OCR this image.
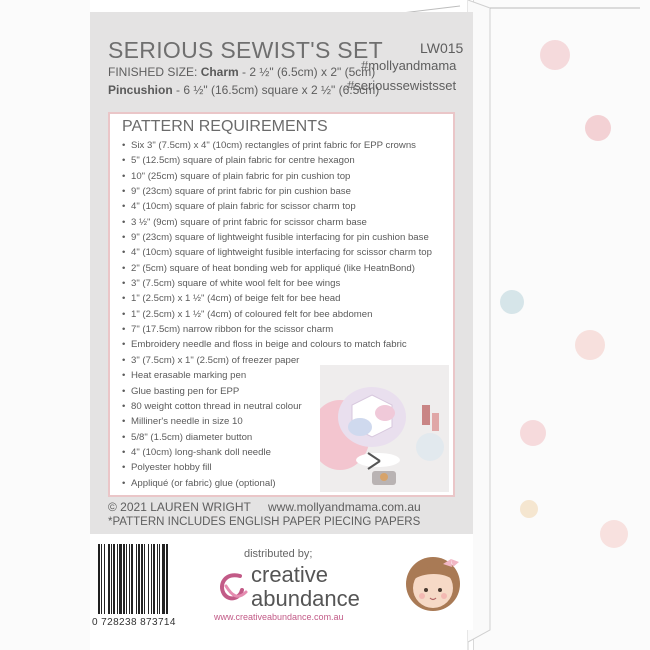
SERIOUS SEWIST'S SET	LW015
#mollyandmama
#serioussewistsset
FINISHED SIZE: Charm - 2 ½" (6.5cm) x 2" (5cm)
Pincushion - 6 ½" (16.5cm) square x 2 ½" (6.5cm)
PATTERN REQUIREMENTS
• Six 3" (7.5cm) x 4" (10cm) rectangles of print fabric for EPP crowns
• 5" (12.5cm) square of plain fabric for centre hexagon
• 10" (25cm) square of plain fabric for pin cushion top
• 9" (23cm) square of print fabric for pin cushion base
• 4" (10cm) square of plain fabric for scissor charm top
• 3 ½" (9cm) square of print fabric for scissor charm base
• 9" (23cm) square of lightweight fusible interfacing for pin cushion base
• 4" (10cm) square of lightweight fusible interfacing for scissor charm top
• 2" (5cm) square of heat bonding web for appliqué (like HeatnBond)
• 3" (7.5cm) square of white wool felt for bee wings
• 1" (2.5cm) x 1 ½" (4cm) of beige felt for bee head
• 1" (2.5cm) x 1 ½" (4cm) of coloured felt for bee abdomen
• 7" (17.5cm) narrow ribbon for the scissor charm
• Embroidery needle and floss in beige and colours to match fabric
• 3" (7.5cm) x 1" (2.5cm) of freezer paper
• Heat erasable marking pen
• Glue basting pen for EPP
• 80 weight cotton thread in neutral colour
• Milliner's needle in size 10
• 5/8" (1.5cm) diameter button
• 4" (10cm) long-shank doll needle
• Polyester hobby fill
• Appliqué (or fabric) glue (optional)
© 2021 LAUREN WRIGHT www.mollyandmama.com.au
*PATTERN INCLUDES ENGLISH PAPER PIECING PAPERS
0 728238 873714
distributed by;
creative
abundance
www.creativeabundance.com.au
